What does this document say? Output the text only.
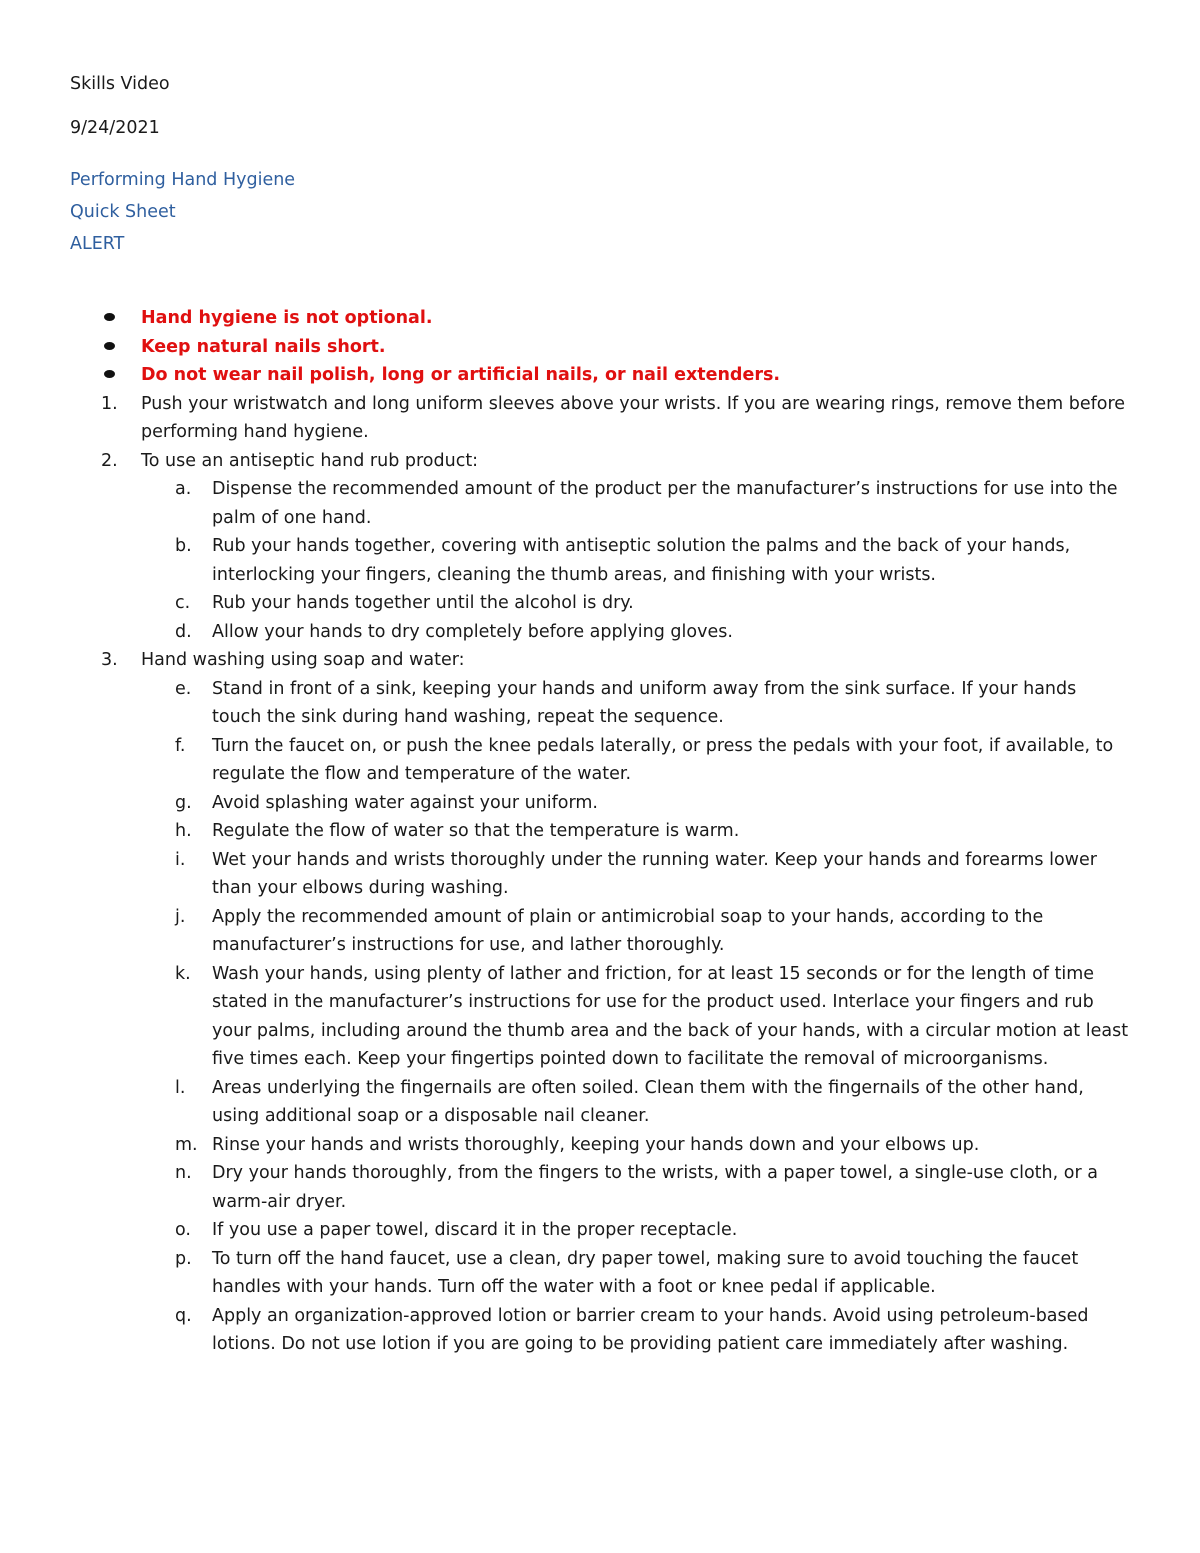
Skills Video
9/24/2021
Performing Hand Hygiene
Quick Sheet
ALERT
Hand hygiene is not optional.
Keep natural nails short.
Do not wear nail polish, long or artificial nails, or nail extenders.
1. Push your wristwatch and long uniform sleeves above your wrists. If you are wearing rings, remove them before performing hand hygiene.
2. To use an antiseptic hand rub product:
a. Dispense the recommended amount of the product per the manufacturer’s instructions for use into the palm of one hand.
b. Rub your hands together, covering with antiseptic solution the palms and the back of your hands, interlocking your fingers, cleaning the thumb areas, and finishing with your wrists.
c. Rub your hands together until the alcohol is dry.
d. Allow your hands to dry completely before applying gloves.
3. Hand washing using soap and water:
e. Stand in front of a sink, keeping your hands and uniform away from the sink surface. If your hands touch the sink during hand washing, repeat the sequence.
f. Turn the faucet on, or push the knee pedals laterally, or press the pedals with your foot, if available, to regulate the flow and temperature of the water.
g. Avoid splashing water against your uniform.
h. Regulate the flow of water so that the temperature is warm.
i. Wet your hands and wrists thoroughly under the running water. Keep your hands and forearms lower than your elbows during washing.
j. Apply the recommended amount of plain or antimicrobial soap to your hands, according to the manufacturer’s instructions for use, and lather thoroughly.
k. Wash your hands, using plenty of lather and friction, for at least 15 seconds or for the length of time stated in the manufacturer’s instructions for use for the product used. Interlace your fingers and rub your palms, including around the thumb area and the back of your hands, with a circular motion at least five times each. Keep your fingertips pointed down to facilitate the removal of microorganisms.
l. Areas underlying the fingernails are often soiled. Clean them with the fingernails of the other hand, using additional soap or a disposable nail cleaner.
m. Rinse your hands and wrists thoroughly, keeping your hands down and your elbows up.
n. Dry your hands thoroughly, from the fingers to the wrists, with a paper towel, a single-use cloth, or a warm-air dryer.
o. If you use a paper towel, discard it in the proper receptacle.
p. To turn off the hand faucet, use a clean, dry paper towel, making sure to avoid touching the faucet handles with your hands. Turn off the water with a foot or knee pedal if applicable.
q. Apply an organization-approved lotion or barrier cream to your hands. Avoid using petroleum-based lotions. Do not use lotion if you are going to be providing patient care immediately after washing.
